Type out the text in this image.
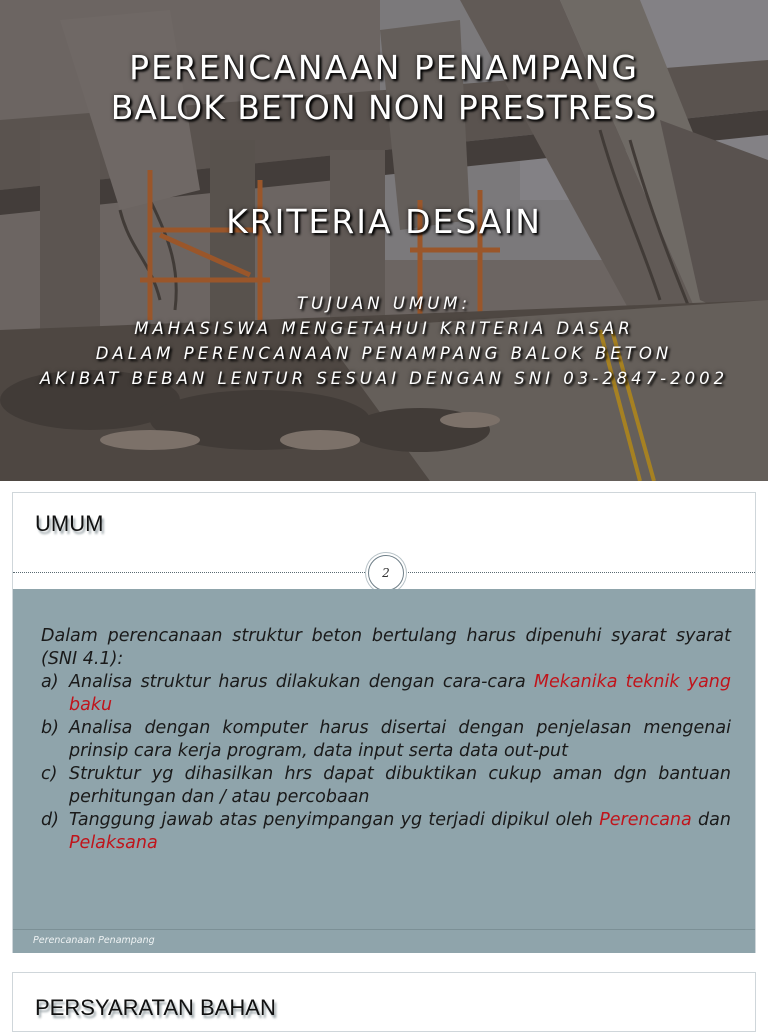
PERENCANAAN PENAMPANG
BALOK BETON NON PRESTRESS
KRITERIA DESAIN
TUJUAN UMUM:
MAHASISWA MENGETAHUI KRITERIA DASAR
DALAM PERENCANAAN PENAMPANG BALOK BETON
AKIBAT BEBAN LENTUR SESUAI DENGAN SNI 03-2847-2002
UMUM
2

Dalam perencanaan struktur beton bertulang harus dipenuhi syarat syarat (SNI 4.1):

a) Analisa struktur harus dilakukan dengan cara-cara Mekanika teknik yang baku
b) Analisa dengan komputer harus disertai dengan penjelasan mengenai prinsip cara kerja program, data input serta data out-put
c) Struktur yg dihasilkan hrs dapat dibuktikan cukup aman dgn bantuan perhitungan dan / atau percobaan
d) Tanggung jawab atas penyimpangan yg terjadi dipikul oleh Perencana dan Pelaksana
Perencanaan Penampang
PERSYARATAN BAHAN
